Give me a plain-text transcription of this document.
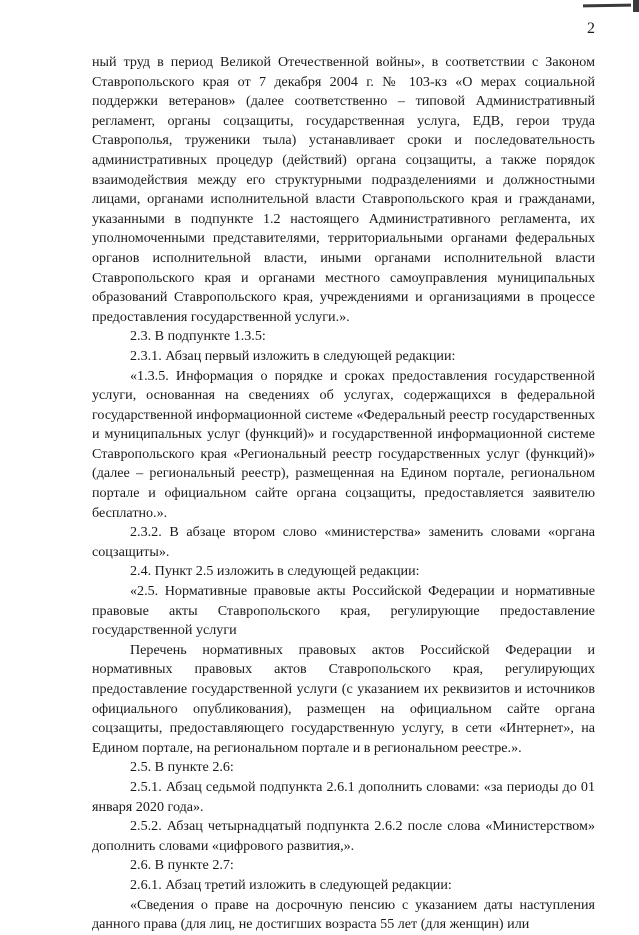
2

ный труд в период Великой Отечественной войны», в соответствии с Законом Ставропольского края от 7 декабря 2004 г. № 103-кз «О мерах социальной поддержки ветеранов» (далее соответственно – типовой Административный регламент, органы соцзащиты, государственная услуга, ЕДВ, герои труда Ставрополья, труженики тыла) устанавливает сроки и последовательность административных процедур (действий) органа соцзащиты, а также порядок взаимодействия между его структурными подразделениями и должностными лицами, органами исполнительной власти Ставропольского края и гражданами, указанными в подпункте 1.2 настоящего Административного регламента, их уполномоченными представителями, территориальными органами федеральных органов исполнительной власти, иными органами исполнительной власти Ставропольского края и органами местного самоуправления муниципальных образований Ставропольского края, учреждениями и организациями в процессе предоставления государственной услуги.».

2.3. В подпункте 1.3.5:

2.3.1. Абзац первый изложить в следующей редакции:

«1.3.5. Информация о порядке и сроках предоставления государственной услуги, основанная на сведениях об услугах, содержащихся в федеральной государственной информационной системе «Федеральный реестр государственных и муниципальных услуг (функций)» и государственной информационной системе Ставропольского края «Региональный реестр государственных услуг (функций)» (далее – региональный реестр), размещенная на Едином портале, региональном портале и официальном сайте органа соцзащиты, предоставляется заявителю бесплатно.».

2.3.2. В абзаце втором слово «министерства» заменить словами «органа соцзащиты».

2.4. Пункт 2.5 изложить в следующей редакции:

«2.5. Нормативные правовые акты Российской Федерации и нормативные правовые акты Ставропольского края, регулирующие предоставление государственной услуги

Перечень нормативных правовых актов Российской Федерации и нормативных правовых актов Ставропольского края, регулирующих предоставление государственной услуги (с указанием их реквизитов и источников официального опубликования), размещен на официальном сайте органа соцзащиты, предоставляющего государственную услугу, в сети «Интернет», на Едином портале, на региональном портале и в региональном реестре.».

2.5. В пункте 2.6:

2.5.1. Абзац седьмой подпункта 2.6.1 дополнить словами: «за периоды до 01 января 2020 года».

2.5.2. Абзац четырнадцатый подпункта 2.6.2 после слова «Министерством» дополнить словами «цифрового развития,».

2.6. В пункте 2.7:

2.6.1. Абзац третий изложить в следующей редакции:

«Сведения о праве на досрочную пенсию с указанием даты наступления данного права (для лиц, не достигших возраста 55 лет (для женщин) или
